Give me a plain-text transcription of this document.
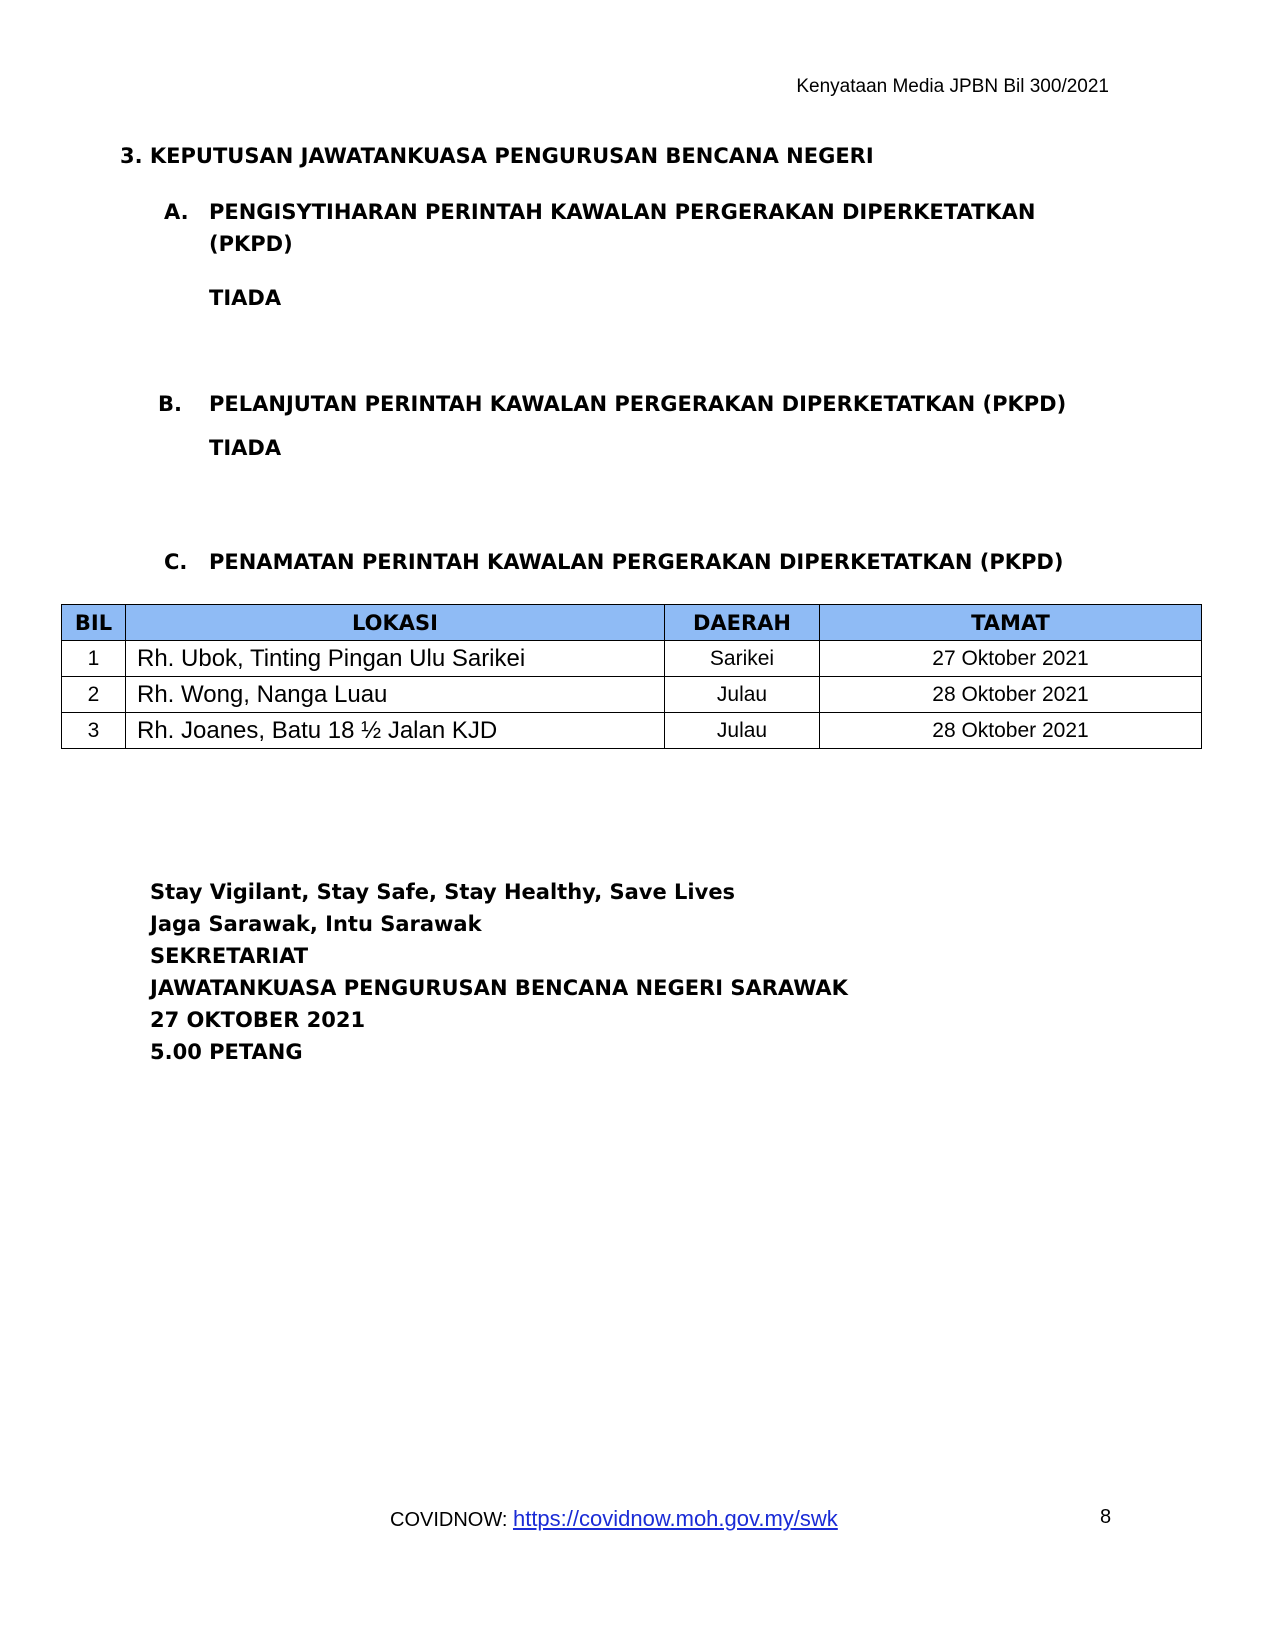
Kenyataan Media JPBN Bil 300/2021
3. KEPUTUSAN JAWATANKUASA PENGURUSAN BENCANA NEGERI
A. PENGISYTIHARAN PERINTAH KAWALAN PERGERAKAN DIPERKETATKAN
(PKPD)
TIADA
B. PELANJUTAN PERINTAH KAWALAN PERGERAKAN DIPERKETATKAN (PKPD)
TIADA
C. PENAMATAN PERINTAH KAWALAN PERGERAKAN DIPERKETATKAN (PKPD)
BIL	LOKASI	DAERAH	TAMAT
1	Rh. Ubok, Tinting Pingan Ulu Sarikei	Sarikei	27 Oktober 2021
2	Rh. Wong, Nanga Luau	Julau	28 Oktober 2021
3	Rh. Joanes, Batu 18 ½ Jalan KJD	Julau	28 Oktober 2021
Stay Vigilant, Stay Safe, Stay Healthy, Save Lives
Jaga Sarawak, Intu Sarawak
SEKRETARIAT
JAWATANKUASA PENGURUSAN BENCANA NEGERI SARAWAK
27 OKTOBER 2021
5.00 PETANG
COVIDNOW: https://covidnow.moh.gov.my/swk	8
